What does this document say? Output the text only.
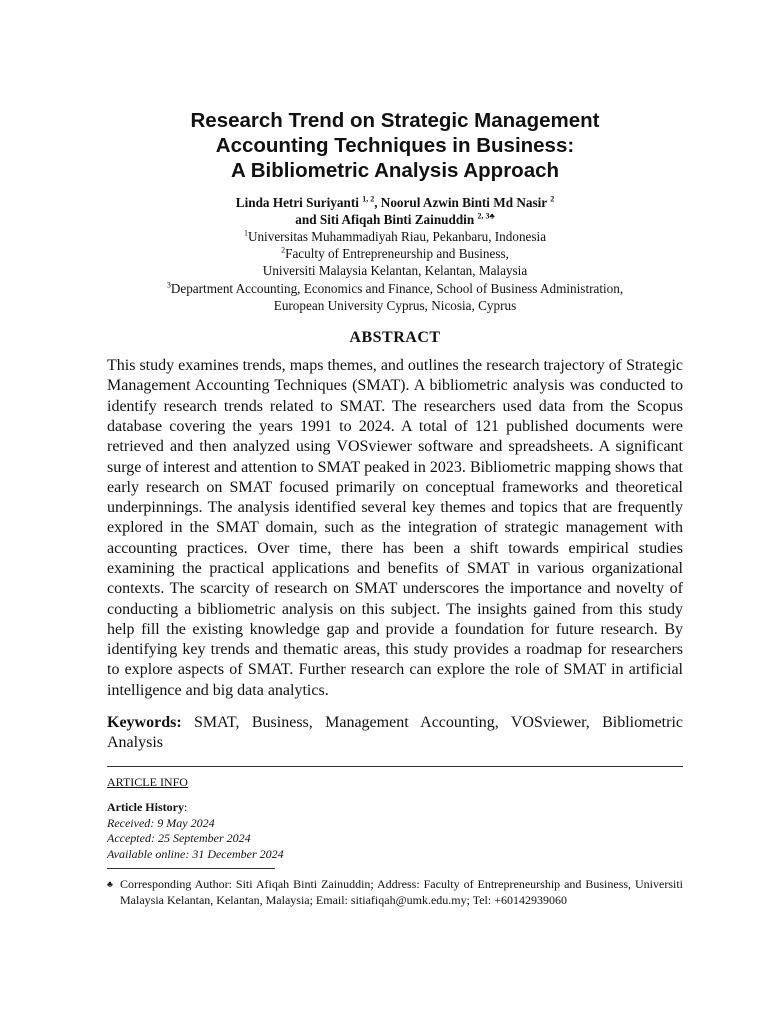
Research Trend on Strategic Management
Accounting Techniques in Business:
A Bibliometric Analysis Approach
Linda Hetri Suriyanti $^{1, 2}$, Noorul Azwin Binti Md Nasir $^2$
and Siti Afiqah Binti Zainuddin $^{2, 3♣}$
$^1$Universitas Muhammadiyah Riau, Pekanbaru, Indonesia
$^2$Faculty of Entrepreneurship and Business,
Universiti Malaysia Kelantan, Kelantan, Malaysia
$^3$Department Accounting, Economics and Finance, School of Business Administration,
European University Cyprus, Nicosia, Cyprus
ABSTRACT

This study examines trends, maps themes, and outlines the research trajectory of Strategic Management Accounting Techniques (SMAT). A bibliometric analysis was conducted to identify research trends related to SMAT. The researchers used data from the Scopus database covering the years 1991 to 2024. A total of 121 published documents were retrieved and then analyzed using VOSviewer software and spreadsheets. A significant surge of interest and attention to SMAT peaked in 2023. Bibliometric mapping shows that early research on SMAT focused primarily on conceptual frameworks and theoretical underpinnings. The analysis identified several key themes and topics that are frequently explored in the SMAT domain, such as the integration of strategic management with accounting practices. Over time, there has been a shift towards empirical studies examining the practical applications and benefits of SMAT in various organizational contexts. The scarcity of research on SMAT underscores the importance and novelty of conducting a bibliometric analysis on this subject. The insights gained from this study help fill the existing knowledge gap and provide a foundation for future research. By identifying key trends and thematic areas, this study provides a roadmap for researchers to explore aspects of SMAT. Further research can explore the role of SMAT in artificial intelligence and big data analytics.

Keywords: SMAT, Business, Management Accounting, VOSviewer, Bibliometric Analysis

ARTICLE INFO
Article History:
Received: 9 May 2024
Accepted: 25 September 2024
Available online: 31 December 2024
♣ Corresponding Author: Siti Afiqah Binti Zainuddin; Address: Faculty of Entrepreneurship and Business, Universiti Malaysia Kelantan, Kelantan, Malaysia; Email: sitiafiqah@umk.edu.my; Tel: +60142939060
